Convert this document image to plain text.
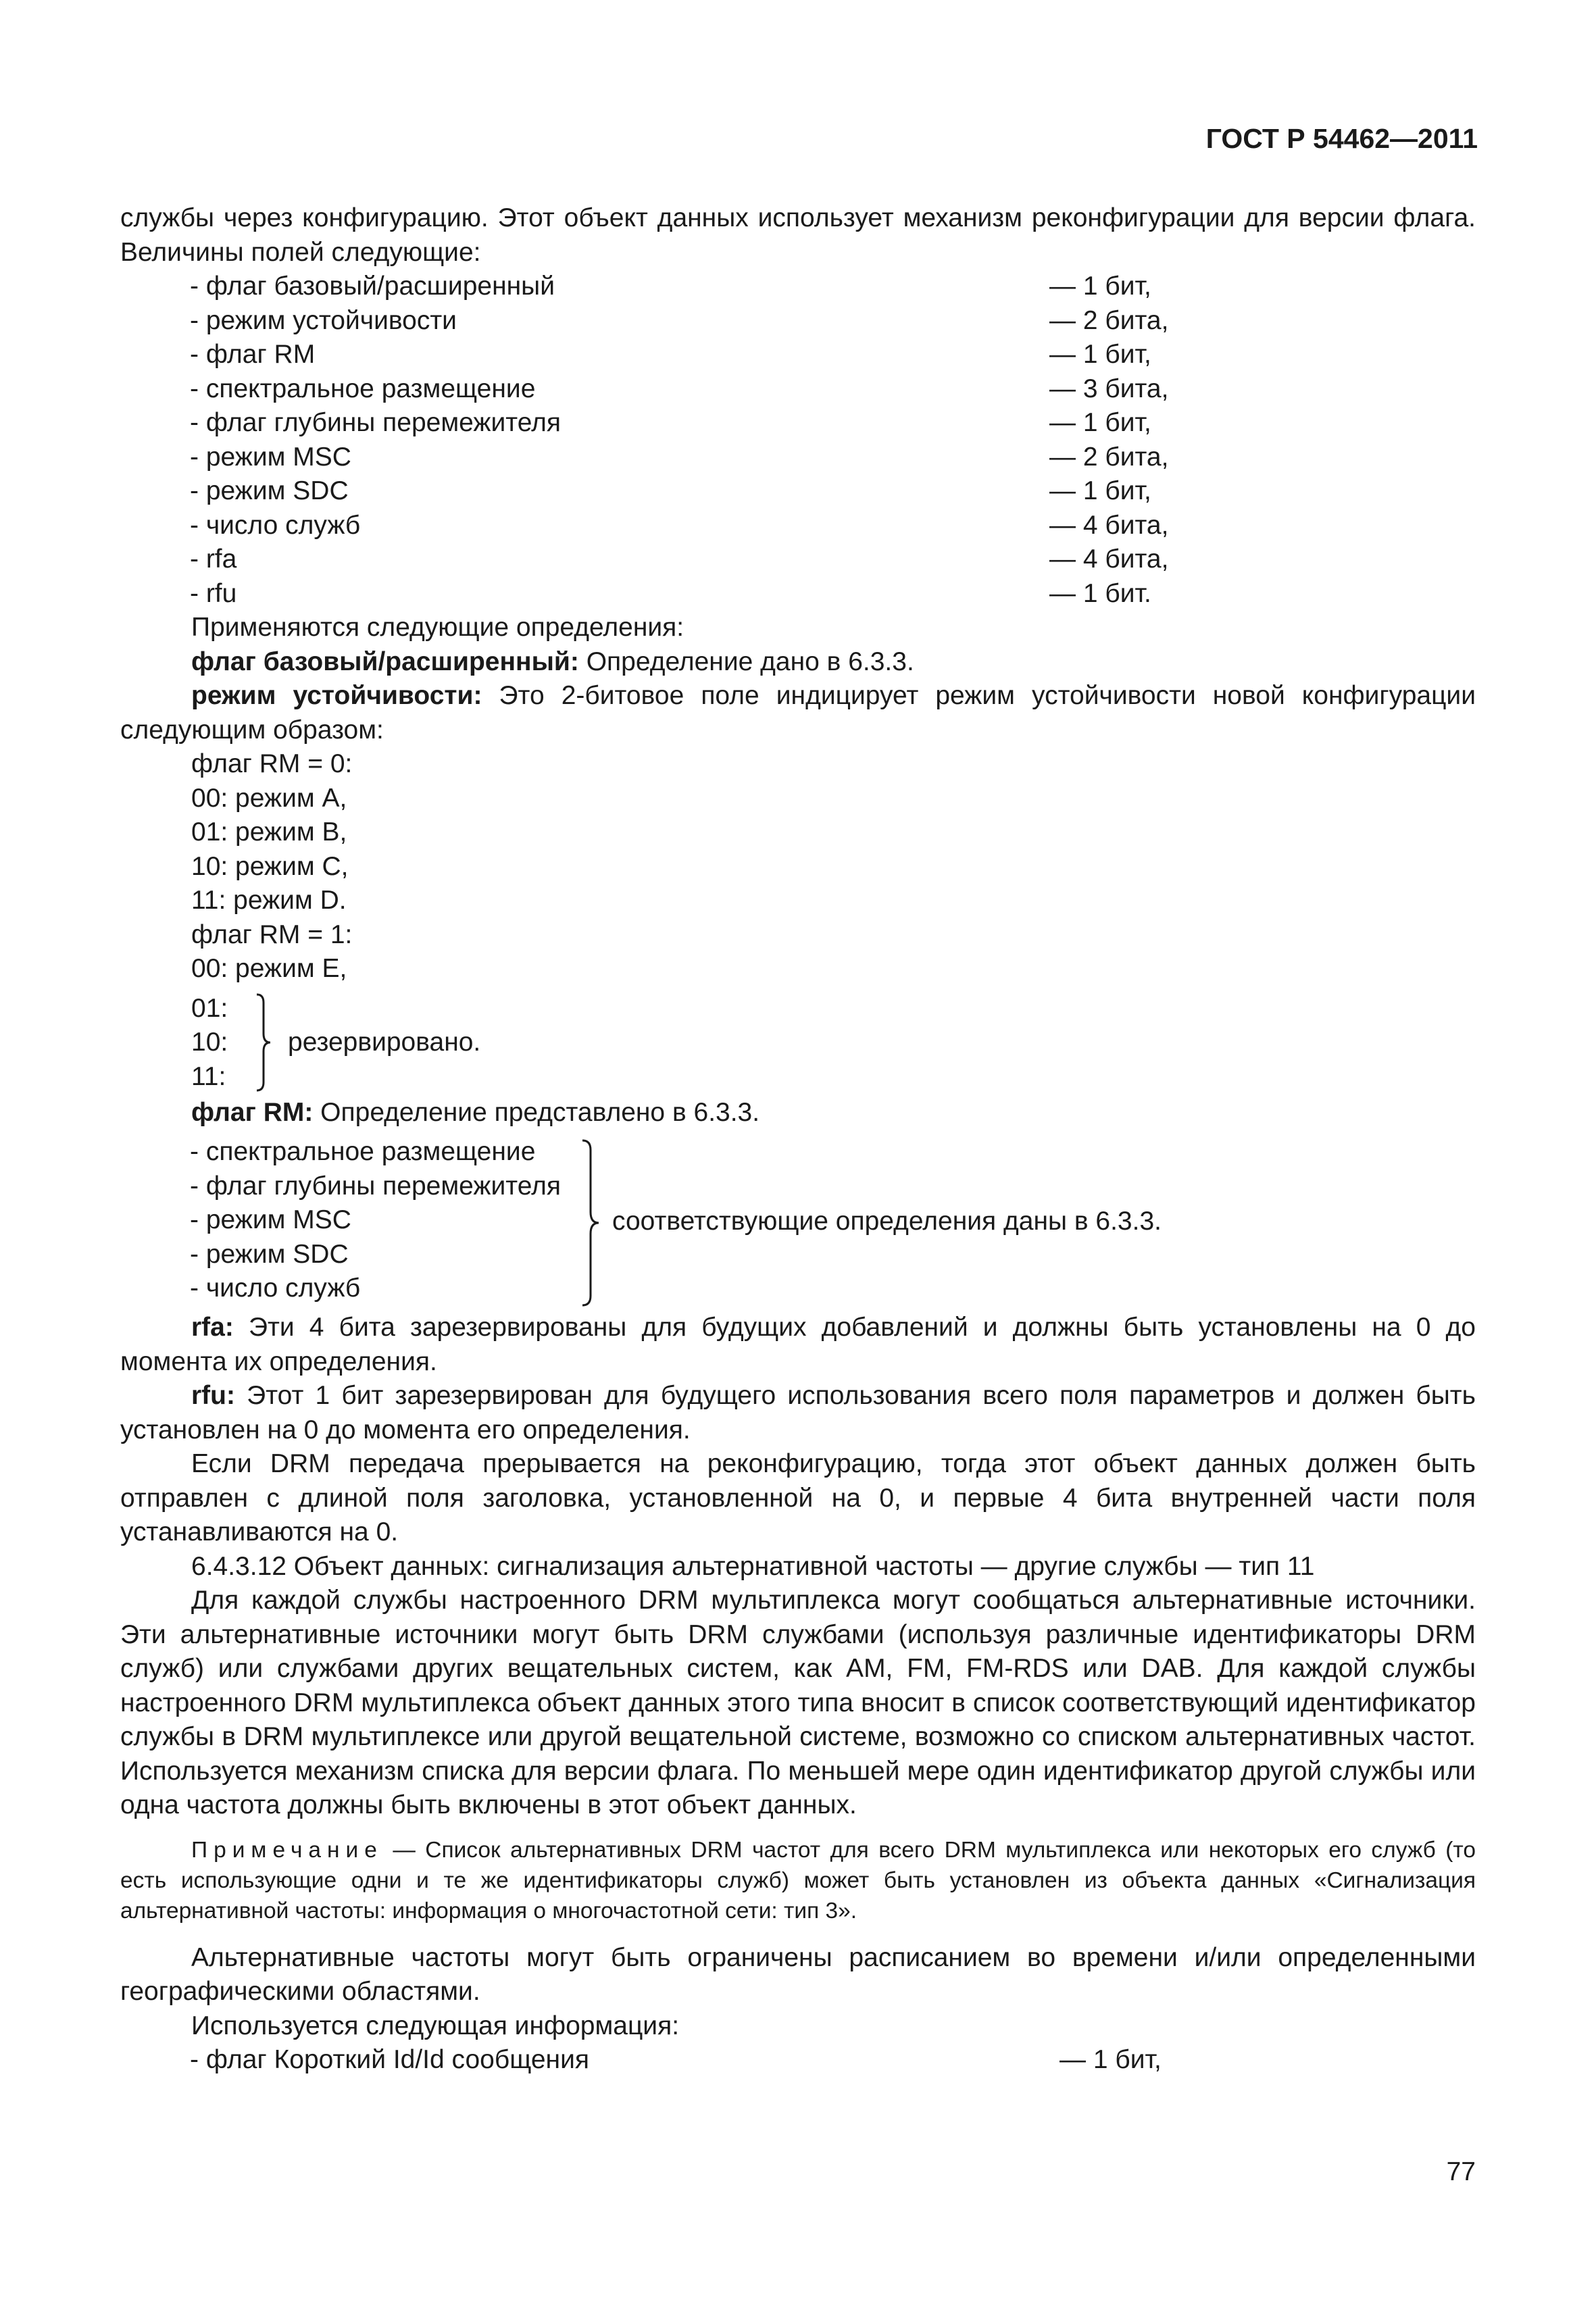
ГОСТ Р 54462—2011

службы через конфигурацию. Этот объект данных использует механизм реконфигурации для версии флага. Величины полей следующие:

- флаг базовый/расширенный	— 1 бит,
- режим устойчивости	— 2 бита,
- флаг RM	— 1 бит,
- спектральное размещение	— 3 бита,
- флаг глубины перемежителя	— 1 бит,
- режим MSC	— 2 бита,
- режим SDC	— 1 бит,
- число служб	— 4 бита,
- rfa	— 4 бита,
- rfu	— 1 бит.
Применяются следующие определения:

флаг базовый/расширенный: Определение дано в 6.3.3.

режим устойчивости: Это 2-битовое поле индицирует режим устойчивости новой конфигурации следующим образом:

флаг RM = 0:
00: режим A,
01: режим B,
10: режим C,
11: режим D.
флаг RM = 1:
00: режим E,
01:
10:
11:
резервировано.

флаг RM: Определение представлено в 6.3.3.

- спектральное размещение
- флаг глубины перемежителя
- режим MSC
- режим SDC
- число служб
соответствующие определения даны в 6.3.3.

rfa: Эти 4 бита зарезервированы для будущих добавлений и должны быть установлены на 0 до момента их определения.

rfu: Этот 1 бит зарезервирован для будущего использования всего поля параметров и должен быть установлен на 0 до момента его определения.

Если DRM передача прерывается на реконфигурацию, тогда этот объект данных должен быть отправлен с длиной поля заголовка, установленной на 0, и первые 4 бита внутренней части поля устанавливаются на 0.

6.4.3.12 Объект данных: сигнализация альтернативной частоты — другие службы — тип 11

Для каждой службы настроенного DRM мультиплекса могут сообщаться альтернативные источники. Эти альтернативные источники могут быть DRM службами (используя различные идентификаторы DRM служб) или службами других вещательных систем, как AM, FM, FM-RDS или DAB. Для каждой службы настроенного DRM мультиплекса объект данных этого типа вносит в список соответствующий идентификатор службы в DRM мультиплексе или другой вещательной системе, возможно со списком альтернативных частот. Используется механизм списка для версии флага. По меньшей мере один идентификатор другой службы или одна частота должны быть включены в этот объект данных.

Примечание — Список альтернативных DRM частот для всего DRM мультиплекса или некоторых его служб (то есть использующие одни и те же идентификаторы служб) может быть установлен из объекта данных «Сигнализация альтернативной частоты: информация о многочастотной сети: тип 3».

Альтернативные частоты могут быть ограничены расписанием во времени и/или определенными географическими областями.

Используется следующая информация:
- флаг Короткий Id/Id сообщения	— 1 бит,
77
